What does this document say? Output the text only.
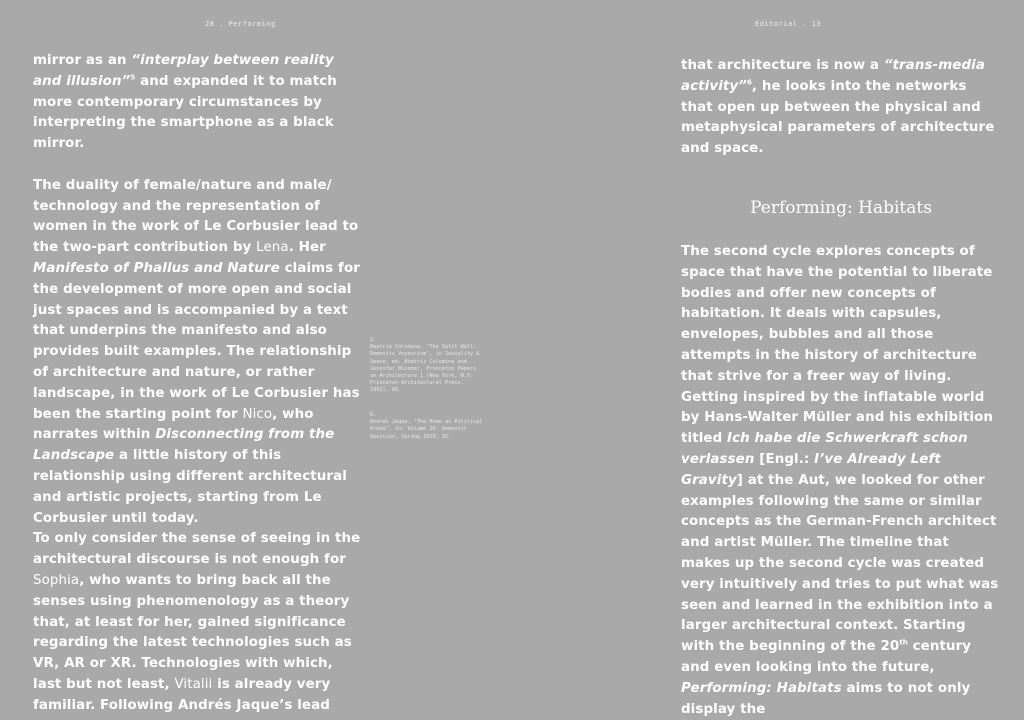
28 . Performing	Editorial . 13

mirror as an “interplay between reality and illusion”$^5$ and expanded it to match more contemporary circumstances by interpreting the smartphone as a black mirror.

The duality of female/nature and male/ technology and the representation of women in the work of Le Corbusier lead to the two-part contribution by Lena. Her Manifesto of Phallus and Nature claims for the development of more open and social just spaces and is accompanied by a text that underpins the manifesto and also provides built examples. The relationship of architecture and nature, or rather landscape, in the work of Le Corbusier has been the starting point for Nico, who narrates within Disconnecting from the Landscape a little history of this relationship using different architectural and artistic projects, starting from Le Corbusier until today.

To only consider the sense of seeing in the architectural discourse is not enough for Sophia, who wants to bring back all the senses using phenomenology as a theory that, at least for her, gained significance regarding the latest technologies such as VR, AR or XR. Technologies with which, last but not least, Vitalii is already very familiar. Following Andrés Jaque’s lead

5.
Beatriz Colomina, ‘The Split Wall: Domestic Voyeurism’, in Sexuality & Space, ed. Beatriz Colomina and Jennifer Bloomer, Princeton Papers on Architecture 1 (New York, N.Y: Princeton Architectural Press, 1992), 86.
6.
Andrés Jaque, ‘The Home as Political Arena’, in: Volume 26: Domestic Question, Spring 2010, 35.

that architecture is now a “trans-media activity”$^6$, he looks into the networks that open up between the physical and metaphysical parameters of architecture and space.

Performing: Habitats

The second cycle explores concepts of space that have the potential to liberate bodies and offer new concepts of habitation. It deals with capsules, envelopes, bubbles and all those attempts in the history of architecture that strive for a freer way of living. Getting inspired by the inflatable world by Hans-Walter Müller and his exhibition titled Ich habe die Schwerkraft schon verlassen [Engl.: I’ve Already Left Gravity] at the Aut, we looked for other examples following the same or similar concepts as the German-French architect and artist Müller. The timeline that makes up the second cycle was created very intuitively and tries to put what was seen and learned in the exhibition into a larger architectural context. Starting with the beginning of the 20th century and even looking into the future, Performing: Habitats aims to not only display the
